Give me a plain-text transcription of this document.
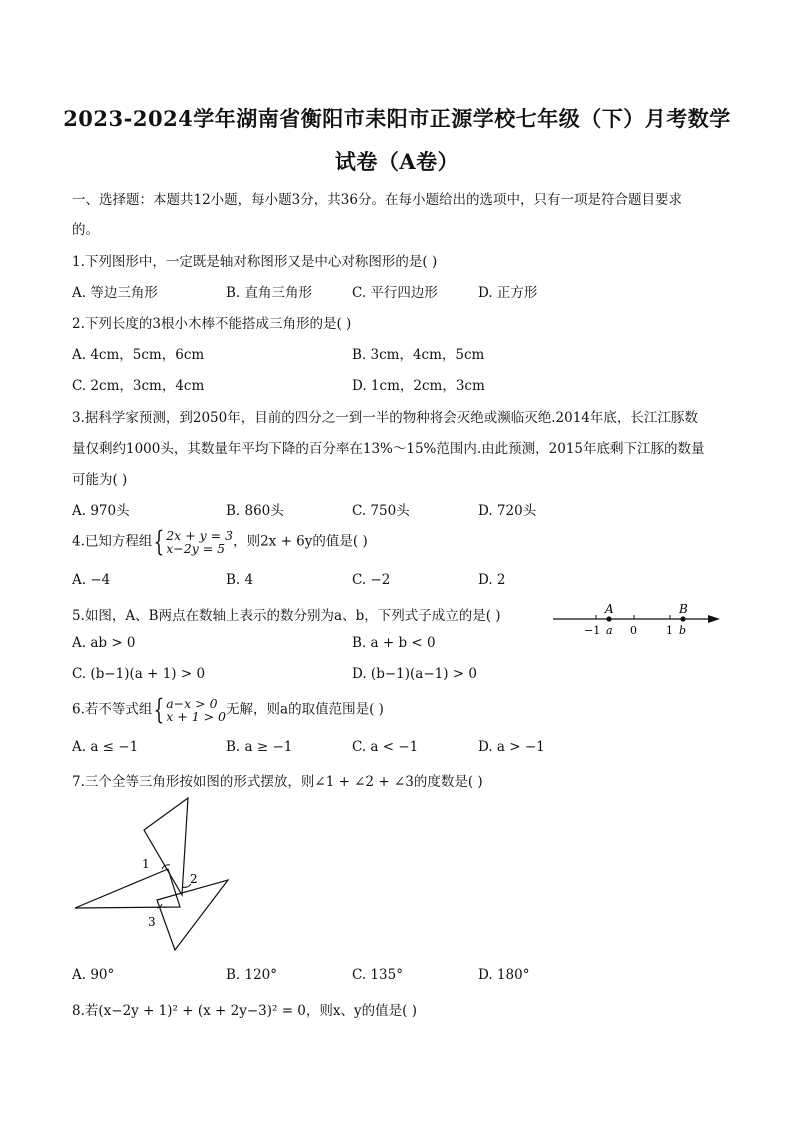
2023-2024学年湖南省衡阳市耒阳市正源学校七年级（下）月考数学
试卷（A卷）
一、选择题：本题共12小题，每小题3分，共36分。在每小题给出的选项中，只有一项是符合题目要求
的。
1.下列图形中，一定既是轴对称图形又是中心对称图形的是( )
A. 等边三角形	B. 直角三角形	C. 平行四边形	D. 正方形
2.下列长度的3根小木棒不能搭成三角形的是( )
A. 4cm，5cm，6cm	B. 3cm，4cm，5cm
C. 2cm，3cm，4cm	D. 1cm，2cm，3cm
3.据科学家预测，到2050年，目前的四分之一到一半的物种将会灭绝或濒临灭绝.2014年底，长江江豚数
量仅剩约1000头，其数量年平均下降的百分率在13%～15%范围内.由此预测，2015年底剩下江豚的数量
可能为( )
A. 970头	B. 860头	C. 750头	D. 720头
4.已知方程组{ 2x + y = 3
x−2y = 5 ，则2x + 6y的值是( )
A. −4	B. 4	C. −2	D. 2
5.如图，A、B两点在数轴上表示的数分别为a、b，下列式子成立的是( )
A. ab > 0	B. a + b < 0
C. (b−1)(a + 1) > 0	D. (b−1)(a−1) > 0
A	B
−1 a 0	1 b
6.若不等式组{ a−x > 0
x + 1 > 0无解，则a的取值范围是( )
A. a ≤ −1	B. a ≥ −1	C. a < −1	D. a > −1
7.三个全等三角形按如图的形式摆放，则∠1 + ∠2 + ∠3的度数是( )
1
2
3
A. 90°	B. 120°	C. 135°	D. 180°
8.若(x−2y + 1)² + (x + 2y−3)² = 0，则x、y的值是( )
